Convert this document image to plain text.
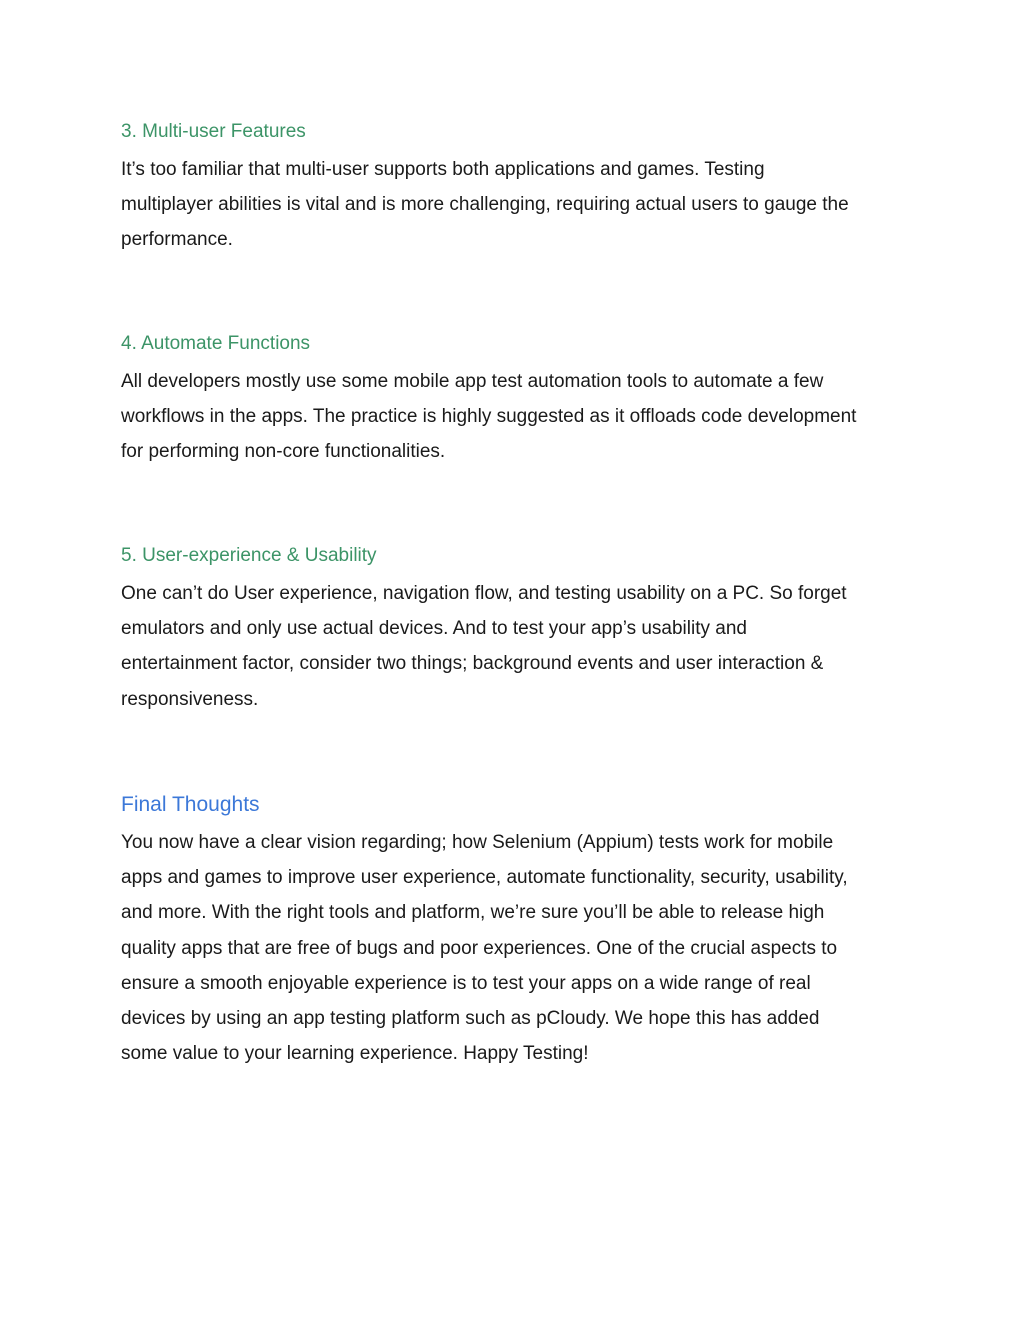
3. Multi-user Features

It’s too familiar that multi-user supports both applications and games. Testing
multiplayer abilities is vital and is more challenging, requiring actual users to gauge the
performance.

4. Automate Functions

All developers mostly use some mobile app test automation tools to automate a few
workflows in the apps. The practice is highly suggested as it offloads code development
for performing non-core functionalities.

5. User-experience & Usability

One can’t do User experience, navigation flow, and testing usability on a PC. So forget
emulators and only use actual devices. And to test your app’s usability and
entertainment factor, consider two things; background events and user interaction &
responsiveness.

Final Thoughts

You now have a clear vision regarding; how Selenium (Appium) tests work for mobile
apps and games to improve user experience, automate functionality, security, usability,
and more. With the right tools and platform, we’re sure you’ll be able to release high
quality apps that are free of bugs and poor experiences. One of the crucial aspects to
ensure a smooth enjoyable experience is to test your apps on a wide range of real
devices by using an app testing platform such as pCloudy. We hope this has added
some value to your learning experience. Happy Testing!
